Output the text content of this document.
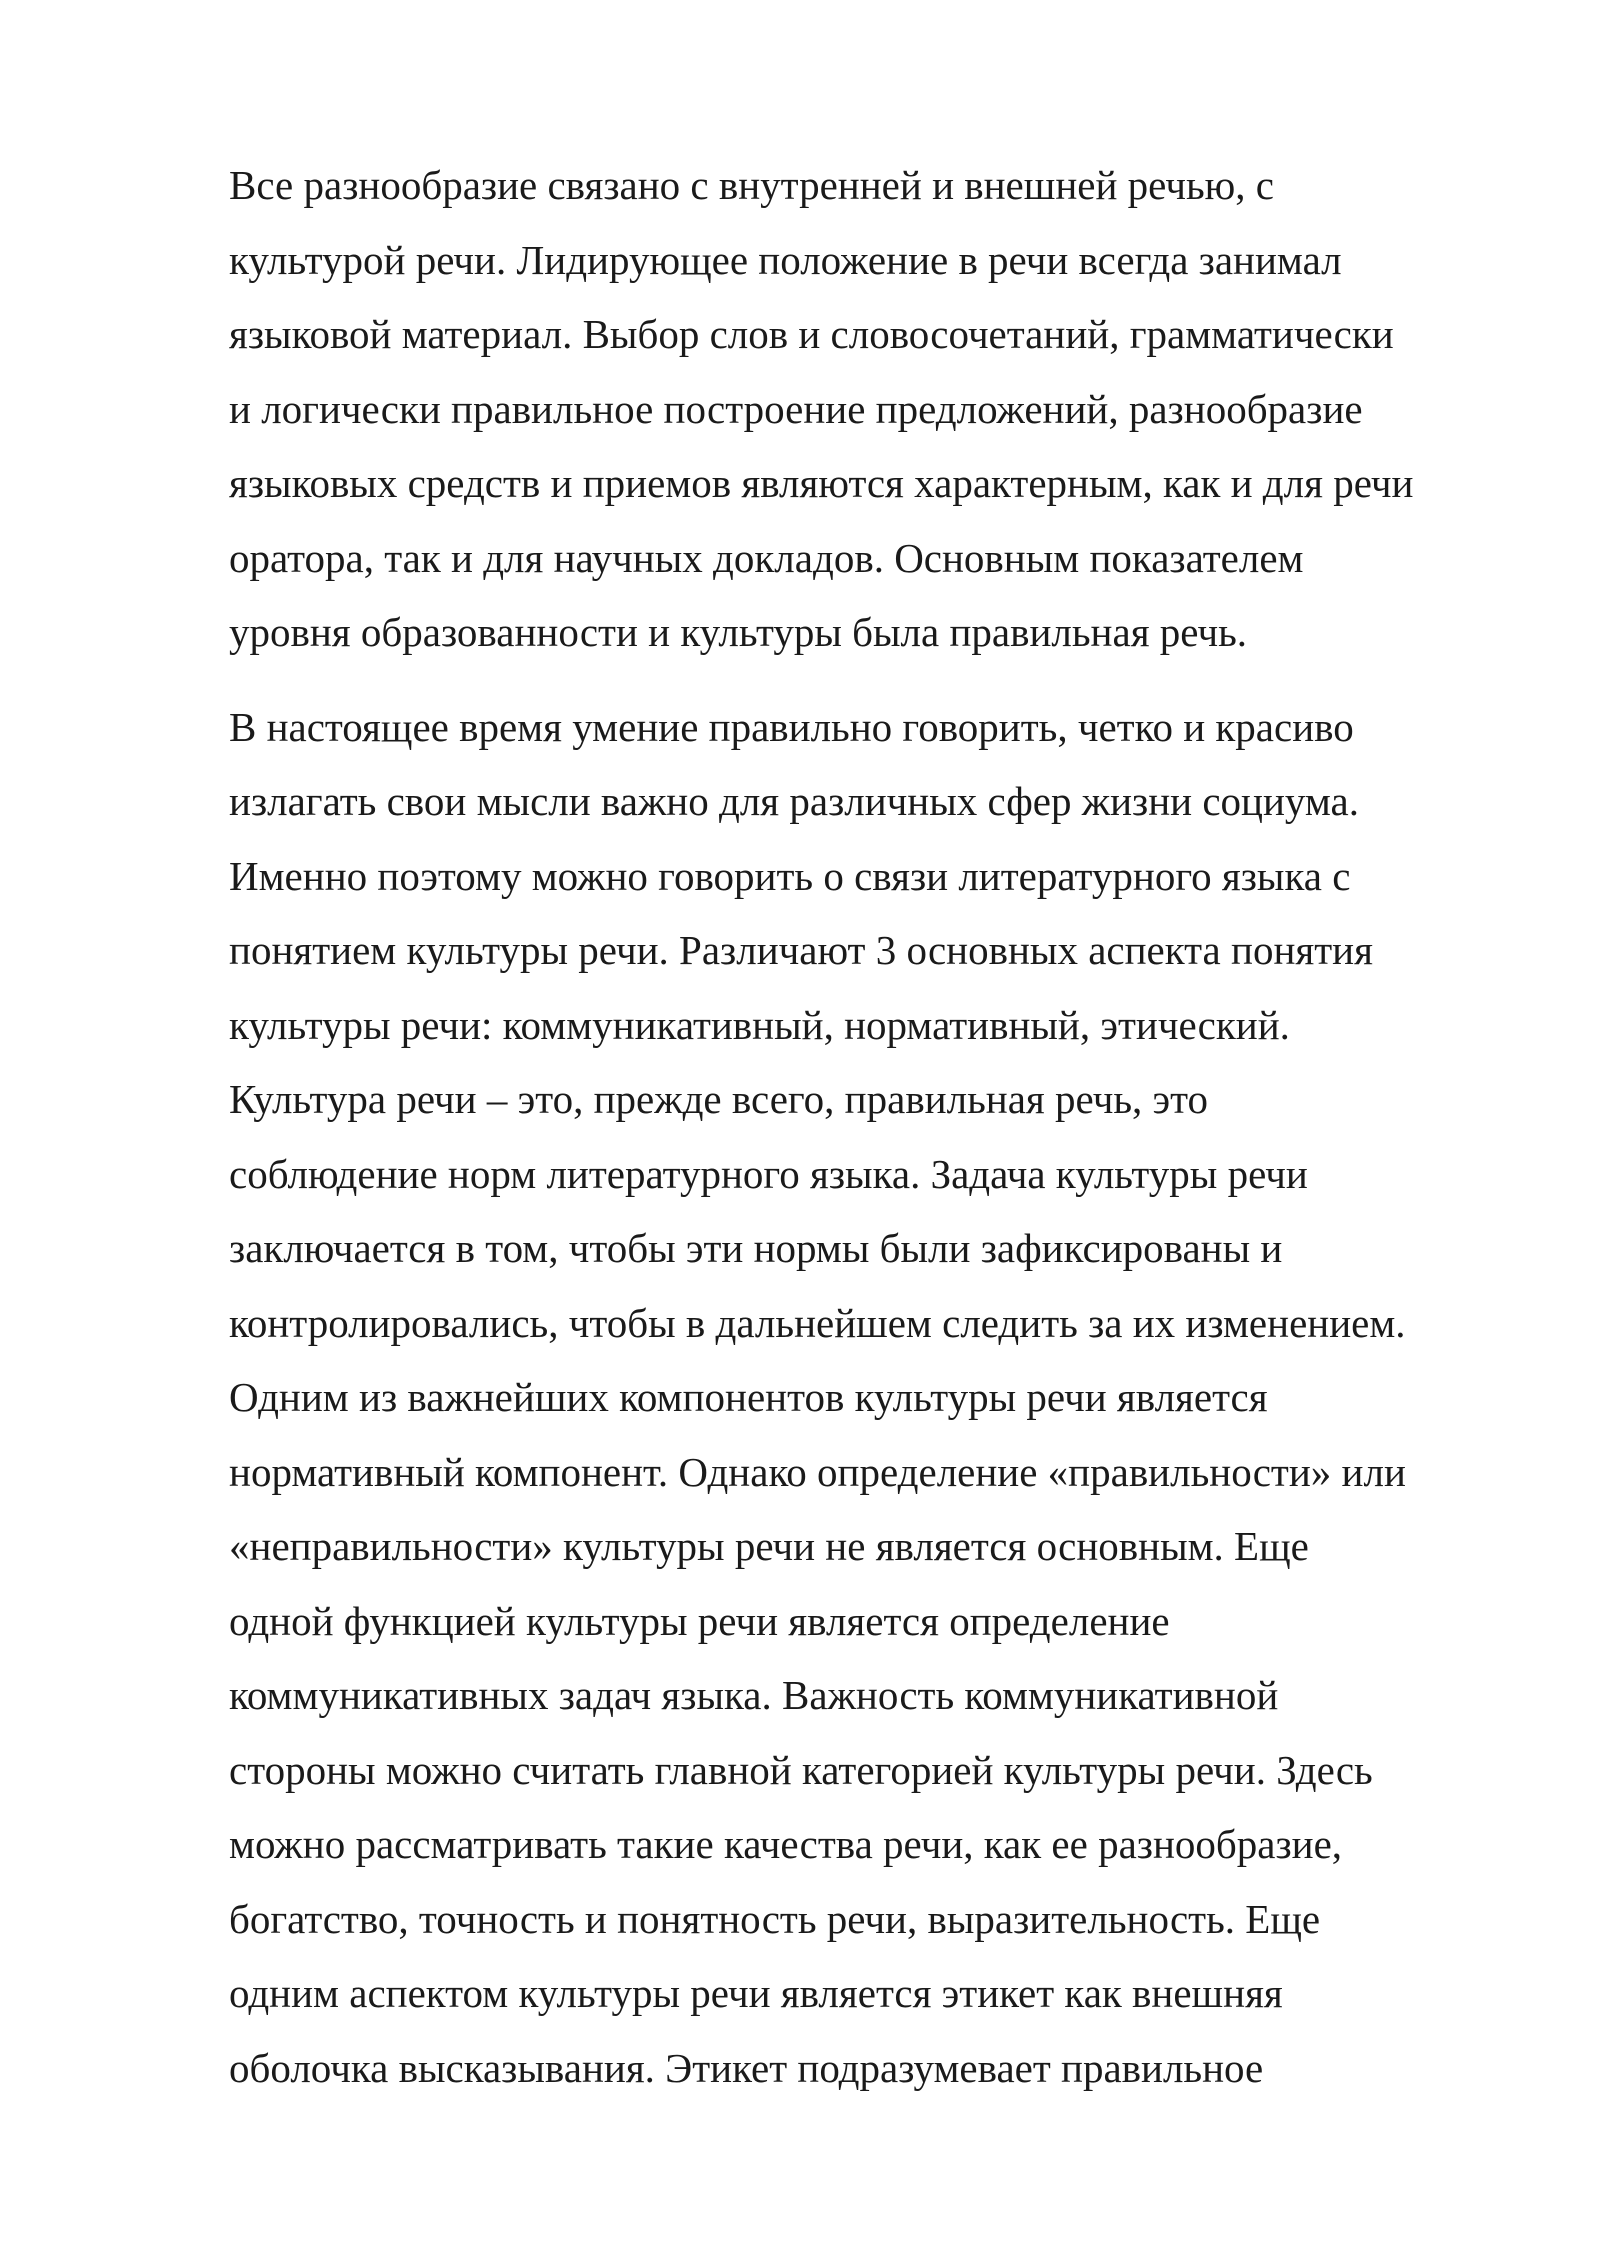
Все разнообразие связано с внутренней и внешней речью, с
культурой речи. Лидирующее положение в речи всегда занимал
языковой материал. Выбор слов и словосочетаний, грамматически
и логически правильное построение предложений, разнообразие
языковых средств и приемов являются характерным, как и для речи
оратора, так и для научных докладов. Основным показателем
уровня образованности и культуры была правильная речь.
В настоящее время умение правильно говорить, четко и красиво
излагать свои мысли важно для различных сфер жизни социума.
Именно поэтому можно говорить о связи литературного языка с
понятием культуры речи. Различают 3 основных аспекта понятия
культуры речи: коммуникативный, нормативный, этический.
Культура речи – это, прежде всего, правильная речь, это
соблюдение норм литературного языка. Задача культуры речи
заключается в том, чтобы эти нормы были зафиксированы и
контролировались, чтобы в дальнейшем следить за их изменением.
Одним из важнейших компонентов культуры речи является
нормативный компонент. Однако определение «правильности» или
«неправильности» культуры речи не является основным. Еще
одной функцией культуры речи является определение
коммуникативных задач языка. Важность коммуникативной
стороны можно считать главной категорией культуры речи. Здесь
можно рассматривать такие качества речи, как ее разнообразие,
богатство, точность и понятность речи, выразительность. Еще
одним аспектом культуры речи является этикет как внешняя
оболочка высказывания. Этикет подразумевает правильное
